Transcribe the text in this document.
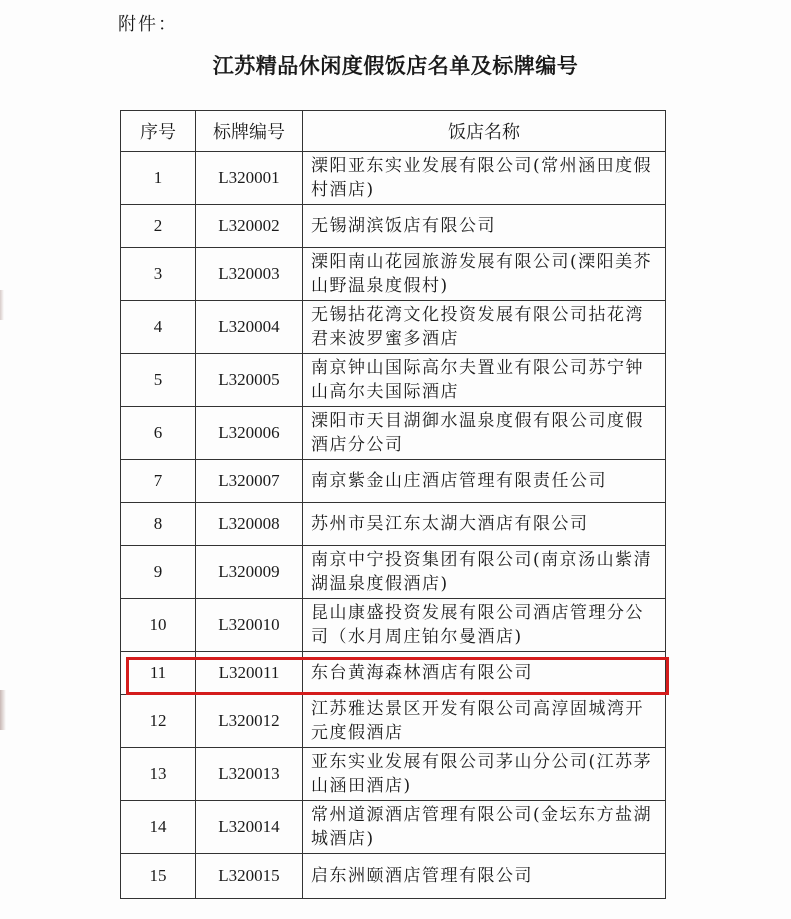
附件：
江苏精品休闲度假饭店名单及标牌编号
序号	标牌编号	饭店名称
1	L320001	溧阳亚东实业发展有限公司(常州涵田度假村酒店)
2	L320002	无锡湖滨饭店有限公司
3	L320003	溧阳南山花园旅游发展有限公司(溧阳美芥山野温泉度假村)
4	L320004	无锡拈花湾文化投资发展有限公司拈花湾君来波罗蜜多酒店
5	L320005	南京钟山国际高尔夫置业有限公司苏宁钟山高尔夫国际酒店
6	L320006	溧阳市天目湖御水温泉度假有限公司度假酒店分公司
7	L320007	南京紫金山庄酒店管理有限责任公司
8	L320008	苏州市吴江东太湖大酒店有限公司
9	L320009	南京中宁投资集团有限公司(南京汤山紫清湖温泉度假酒店)
10	L320010	昆山康盛投资发展有限公司酒店管理分公司（水月周庄铂尔曼酒店)
11	L320011	东台黄海森林酒店有限公司
12	L320012	江苏雅达景区开发有限公司高淳固城湾开元度假酒店
13	L320013	亚东实业发展有限公司茅山分公司(江苏茅山涵田酒店)
14	L320014	常州道源酒店管理有限公司(金坛东方盐湖城酒店)
15	L320015	启东洲颐酒店管理有限公司
